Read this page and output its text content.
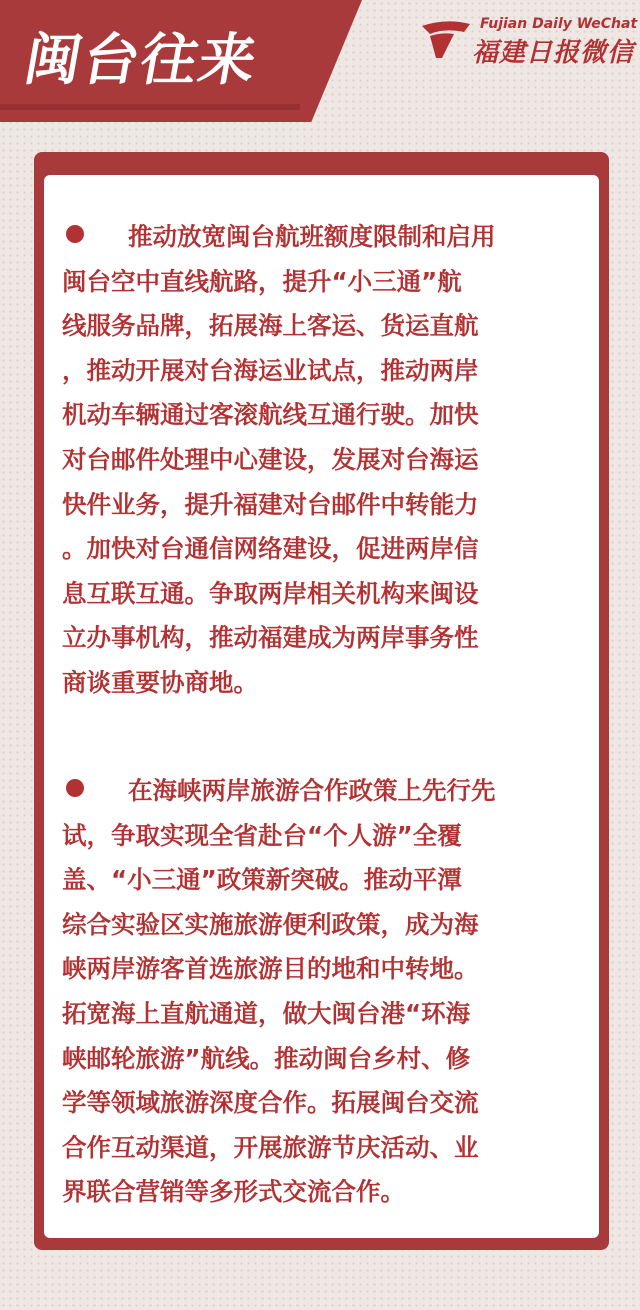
闽台往来
Fujian Daily WeChat
福建日报微信
推动放宽闽台航班额度限制和启用
闽台空中直线航路，提升“小三通”航
线服务品牌，拓展海上客运、货运直航
，推动开展对台海运业试点，推动两岸
机动车辆通过客滚航线互通行驶。加快
对台邮件处理中心建设，发展对台海运
快件业务，提升福建对台邮件中转能力
。加快对台通信网络建设，促进两岸信
息互联互通。争取两岸相关机构来闽设
立办事机构，推动福建成为两岸事务性
商谈重要协商地。
在海峡两岸旅游合作政策上先行先
试，争取实现全省赴台“个人游”全覆
盖、“小三通”政策新突破。推动平潭
综合实验区实施旅游便利政策，成为海
峡两岸游客首选旅游目的地和中转地。
拓宽海上直航通道，做大闽台港“环海
峡邮轮旅游”航线。推动闽台乡村、修
学等领域旅游深度合作。拓展闽台交流
合作互动渠道，开展旅游节庆活动、业
界联合营销等多形式交流合作。
